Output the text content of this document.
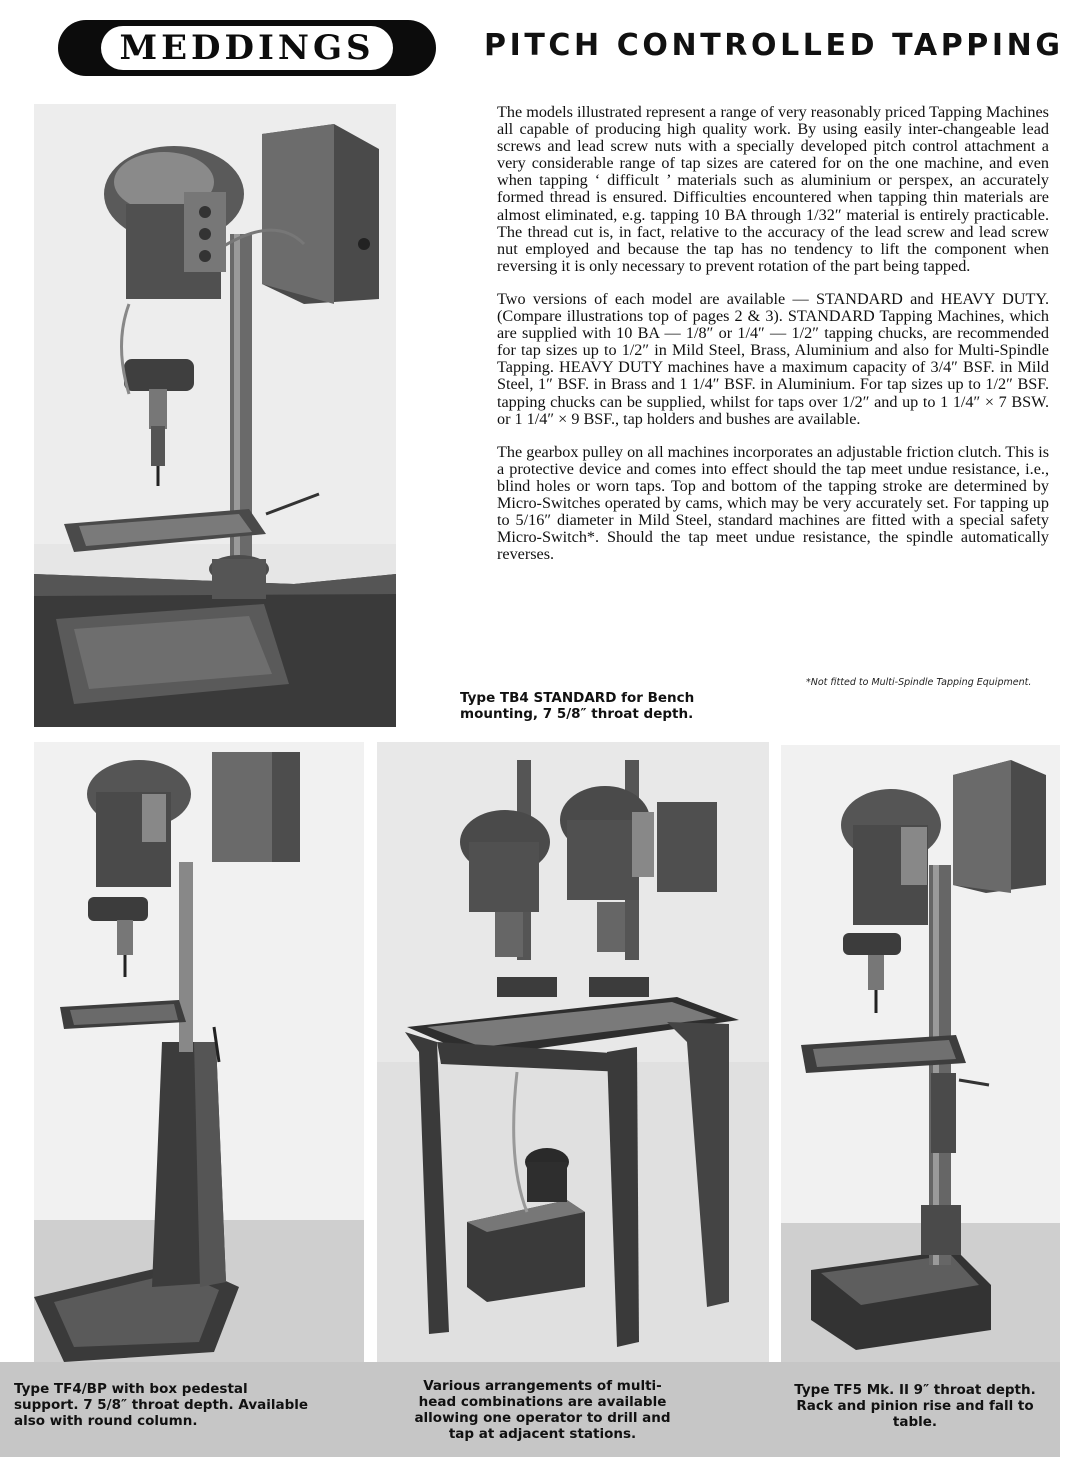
MEDDINGS	PITCH CONTROLLED TAPPING

The models illustrated represent a range of very reasonably priced Tapping Machines all capable of producing high quality work. By using easily inter-changeable lead screws and lead screw nuts with a specially developed pitch control attachment a very considerable range of tap sizes are catered for on the one machine, and even when tapping ‘ difficult ’ materials such as aluminium or perspex, an accurately formed thread is ensured. Difficulties encountered when tapping thin materials are almost eliminated, e.g. tapping 10 BA through 1/32″ material is entirely practicable. The thread cut is, in fact, relative to the accuracy of the lead screw and lead screw nut employed and because the tap has no tendency to lift the component when reversing it is only necessary to prevent rotation of the part being tapped.

Two versions of each model are available — STANDARD and HEAVY DUTY. (Compare illustrations top of pages 2 & 3). STANDARD Tapping Machines, which are supplied with 10 BA — 1/8″ or 1/4″ — 1/2″ tapping chucks, are recommended for tap sizes up to 1/2″ in Mild Steel, Brass, Aluminium and also for Multi-Spindle Tapping. HEAVY DUTY machines have a maximum capacity of 3/4″ BSF. in Mild Steel, 1″ BSF. in Brass and 1 1/4″ BSF. in Aluminium. For tap sizes up to 1/2″ BSF. tapping chucks can be supplied, whilst for taps over 1/2″ and up to 1 1/4″ × 7 BSW. or 1 1/4″ × 9 BSF., tap holders and bushes are available.

The gearbox pulley on all machines incorporates an adjustable friction clutch. This is a protective device and comes into effect should the tap meet undue resistance, i.e., blind holes or worn taps. Top and bottom of the tapping stroke are determined by Micro-Switches operated by cams, which may be very accurately set. For tapping up to 5/16″ diameter in Mild Steel, standard machines are fitted with a special safety Micro-Switch*. Should the tap meet undue resistance, the spindle automatically reverses.

*Not fitted to Multi-Spindle Tapping Equipment.
Type TB4 STANDARD for Bench mounting, 7 5/8″ throat depth.
Type TF4/BP with box pedestal support. 7 5/8″ throat depth. Available also with round column.
Various arrangements of multi-head combinations are available allowing one operator to drill and tap at adjacent stations.
Type TF5 Mk. II 9″ throat depth. Rack and pinion rise and fall to table.
